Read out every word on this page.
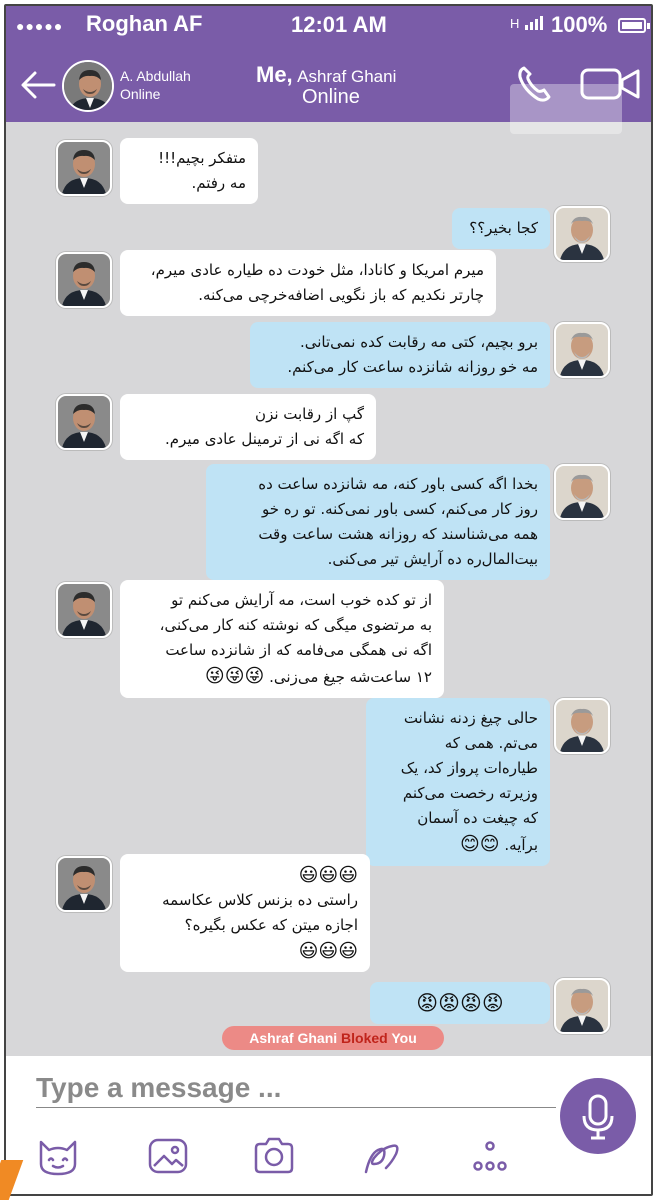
●●●●● Roghan AF	12:01 AM	H	100%
A. Abdullah
Online
Me, Ashraf Ghani
Online
متفکر بچیم!!!
مه رفتم.
کجا بخیر؟؟
میرم امریکا و کانادا، مثل خودت ده طیاره عادی میرم،
چارتر نکدیم که باز نگویی اضافه‌خرچی می‌کنه.
برو بچیم، کتی مه رقابت کده نمی‌تانی.
مه خو روزانه شانزده ساعت کار می‌کنم.
گپ از رقابت نزن
که اگه نی از ترمینل عادی میرم.
بخدا اگه کسی باور کنه، مه شانزده ساعت ده
روز کار می‌کنم، کسی باور نمی‌کنه. تو ره خو
همه می‌شناسند که روزانه هشت ساعت وقت
بیت‌المال‌ره ده آرایش تیر می‌کنی.
از تو کده خوب است، مه آرایش می‌کنم تو
به مرتضوی میگی که نوشته کنه کار می‌کنی،
اگه نی همگی می‌فامه که از شانزده ساعت
۱۲ ساعت‌شه جیغ می‌زنی. 😜😜😜
حالی چیغ زدنه نشانت
می‌تم. همی که
طیاره‌ات پرواز کد، یک
وزیرته رخصت می‌کنم
که چیغت ده آسمان
برآیه. 😊😊
😃😃😃
راستی ده بزنس کلاس عکاسمه
اجازه میتن که عکس بگیره؟
😃😃😃
😡😡😡😡
Ashraf Ghani Bloked You
Type a message ...
